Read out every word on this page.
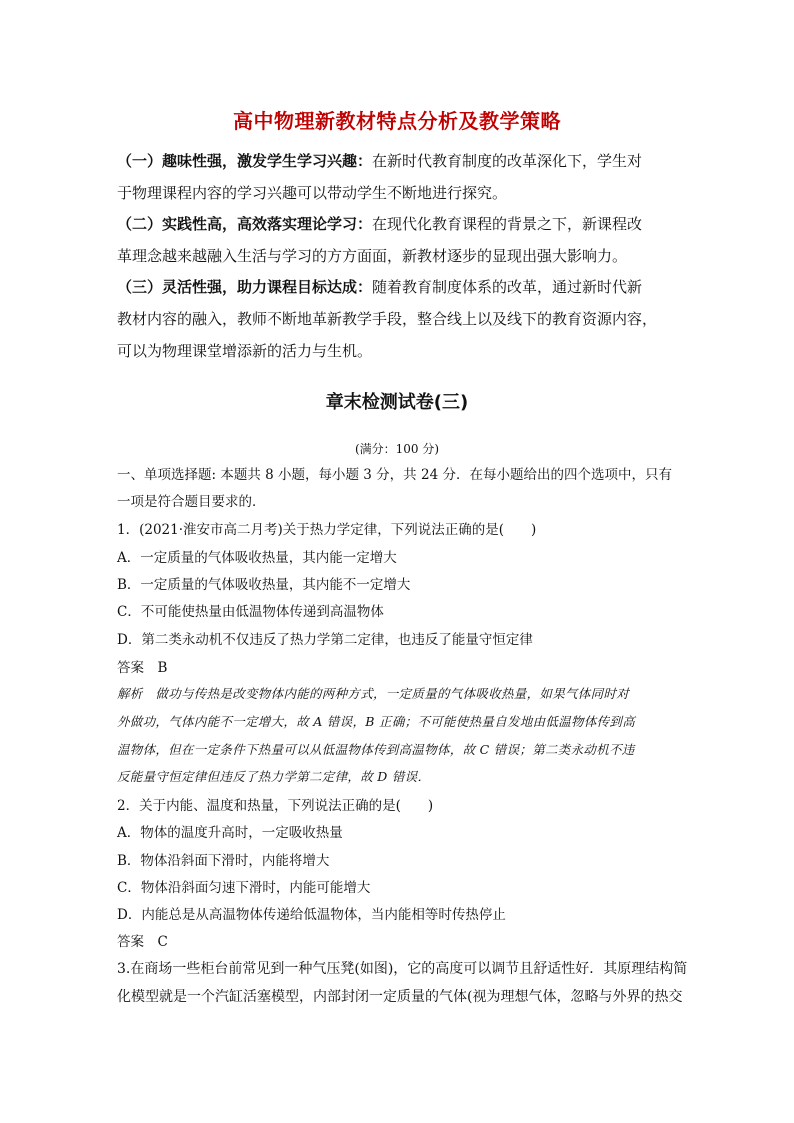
高中物理新教材特点分析及教学策略
（一）趣味性强，激发学生学习兴趣：在新时代教育制度的改革深化下，学生对
于物理课程内容的学习兴趣可以带动学生不断地进行探究。
（二）实践性高，高效落实理论学习：在现代化教育课程的背景之下，新课程改
革理念越来越融入生活与学习的方方面面，新教材逐步的显现出强大影响力。
（三）灵活性强，助力课程目标达成：随着教育制度体系的改革，通过新时代新
教材内容的融入，教师不断地革新教学手段，整合线上以及线下的教育资源内容，
可以为物理课堂增添新的活力与生机。
章末检测试卷(三)
(满分：100 分)
一、单项选择题: 本题共 8 小题，每小题 3 分，共 24 分．在每小题给出的四个选项中，只有
一项是符合题目要求的．
1．(2021·淮安市高二月考)关于热力学定律，下列说法正确的是(　　)
A．一定质量的气体吸收热量，其内能一定增大
B．一定质量的气体吸收热量，其内能不一定增大
C．不可能使热量由低温物体传递到高温物体
D．第二类永动机不仅违反了热力学第二定律，也违反了能量守恒定律
答案　B
解析　做功与传热是改变物体内能的两种方式，一定质量的气体吸收热量，如果气体同时对
外做功，气体内能不一定增大，故 A 错误，B 正确；不可能使热量自发地由低温物体传到高
温物体，但在一定条件下热量可以从低温物体传到高温物体，故 C 错误；第二类永动机不违
反能量守恒定律但违反了热力学第二定律，故 D 错误．
2．关于内能、温度和热量，下列说法正确的是(　　)
A．物体的温度升高时，一定吸收热量
B．物体沿斜面下滑时，内能将增大
C．物体沿斜面匀速下滑时，内能可能增大
D．内能总是从高温物体传递给低温物体，当内能相等时传热停止
答案　C
3.在商场一些柜台前常见到一种气压凳(如图)，它的高度可以调节且舒适性好．其原理结构简
化模型就是一个汽缸活塞模型，内部封闭一定质量的气体(视为理想气体，忽略与外界的热交
